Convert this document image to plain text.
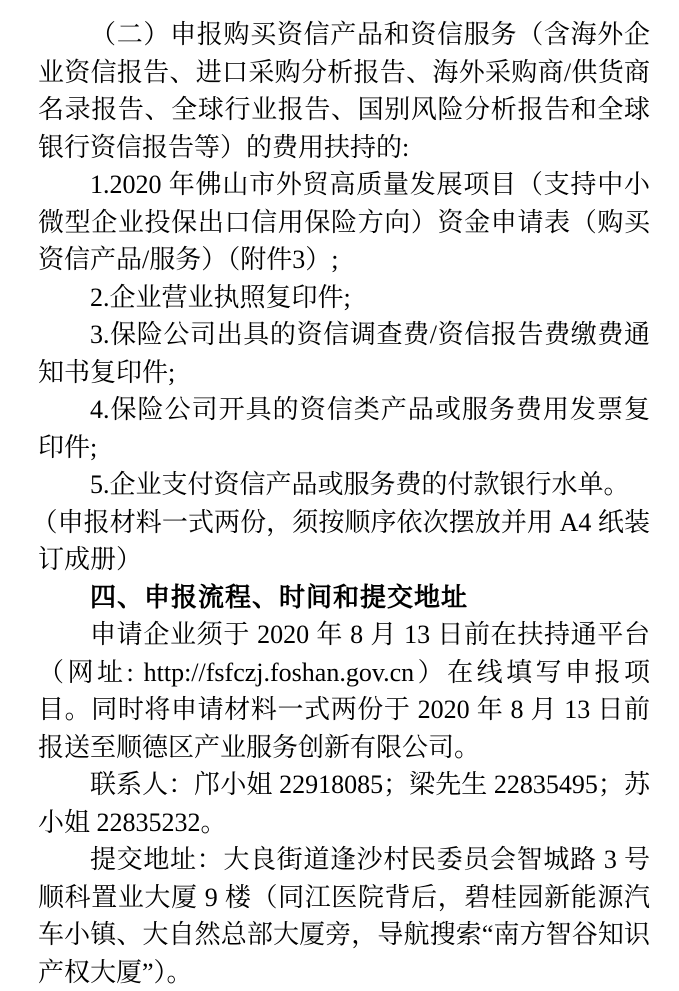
（二）申报购买资信产品和资信服务（含海外企业资信报告、进口采购分析报告、海外采购商/供货商名录报告、全球行业报告、国别风险分析报告和全球银行资信报告等）的费用扶持的:

1.2020 年佛山市外贸高质量发展项目（支持中小微型企业投保出口信用保险方向）资金申请表（购买资信产品/服务）（附件3）;

2.企业营业执照复印件;

3.保险公司出具的资信调查费/资信报告费缴费通知书复印件;

4.保险公司开具的资信类产品或服务费用发票复印件;

5.企业支付资信产品或服务费的付款银行水单。

（申报材料一式两份，须按顺序依次摆放并用 A4 纸装订成册）

四、申报流程、时间和提交地址

申请企业须于 2020 年 8 月 13 日前在扶持通平台（网址: http://fsfczj.foshan.gov.cn）在线填写申报项目。同时将申请材料一式两份于 2020 年 8 月 13 日前报送至顺德区产业服务创新有限公司。

联系人：邝小姐 22918085；梁先生 22835495；苏小姐 22835232。

提交地址：大良街道逢沙村民委员会智城路 3 号顺科置业大厦 9 楼（同江医院背后，碧桂园新能源汽车小镇、大自然总部大厦旁，导航搜索“南方智谷知识产权大厦”）。
